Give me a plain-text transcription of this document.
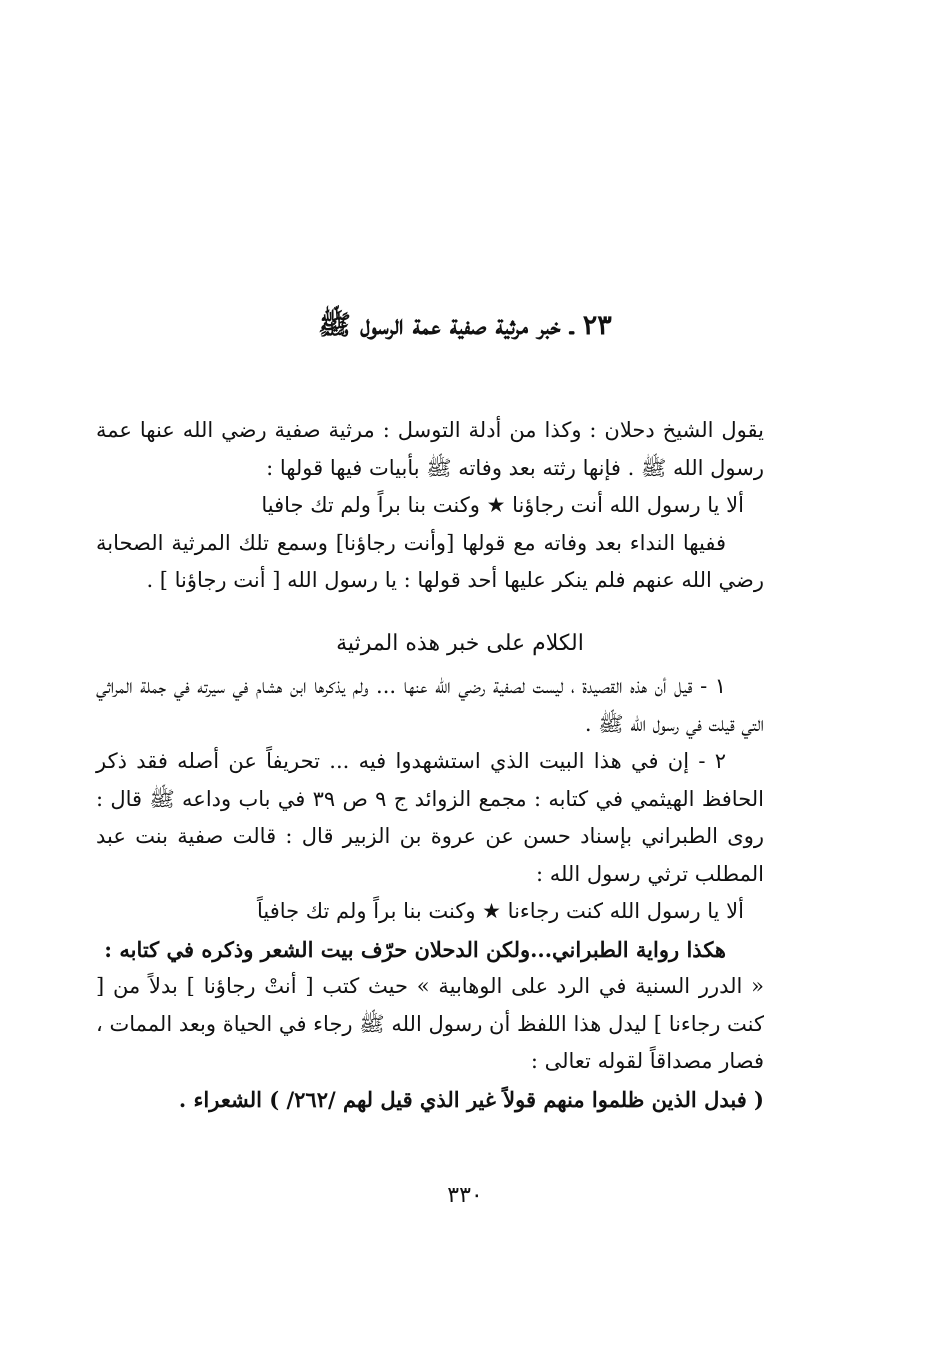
٢٣ ـ خبر مرثية صفية عمة الرسول ﷺ

يقول الشيخ دحلان : وكذا من أدلة التوسل : مرثية صفية رضي الله عنها عمة رسول الله ﷺ . فإنها رثته بعد وفاته ﷺ بأبيات فيها قولها :

ألا يا رسول الله أنت رجاؤنا ★ وكنت بنا براً ولم تك جافيا

ففيها النداء بعد وفاته مع قولها [وأنت رجاؤنا] وسمع تلك المرثية الصحابة رضي الله عنهم فلم ينكر عليها أحد قولها : يا رسول الله [ أنت رجاؤنا ] .

الكلام على خبر هذه المرثية

١ - قيل أن هذه القصيدة ، ليست لصفية رضي الله عنها ... ولم يذكرها ابن هشام في سيرته في جملة المراثي التي قيلت في رسول الله ﷺ .

٢ - إن في هذا البيت الذي استشهدوا فيه ... تحريفاً عن أصله فقد ذكر الحافظ الهيثمي في كتابه : مجمع الزوائد ج ٩ ص ٣٩ في باب وداعه ﷺ قال : روى الطبراني بإسناد حسن عن عروة بن الزبير قال : قالت صفية بنت عبد المطلب ترثي رسول الله :

ألا يا رسول الله كنت رجاءنا ★ وكنت بنا براً ولم تك جافياً

هكذا رواية الطبراني...ولكن الدحلان حرّف بيت الشعر وذكره في كتابه :

« الدرر السنية في الرد على الوهابية » حيث كتب [ أنتْ رجاؤنا ] بدلاً من [ كنت رجاءنا ] ليدل هذا اللفظ أن رسول الله ﷺ رجاء في الحياة وبعد الممات ، فصار مصداقاً لقوله تعالى :

( فبدل الذين ظلموا منهم قولاً غير الذي قيل لهم /٢٦٢/ ) الشعراء .

٣٣٠
